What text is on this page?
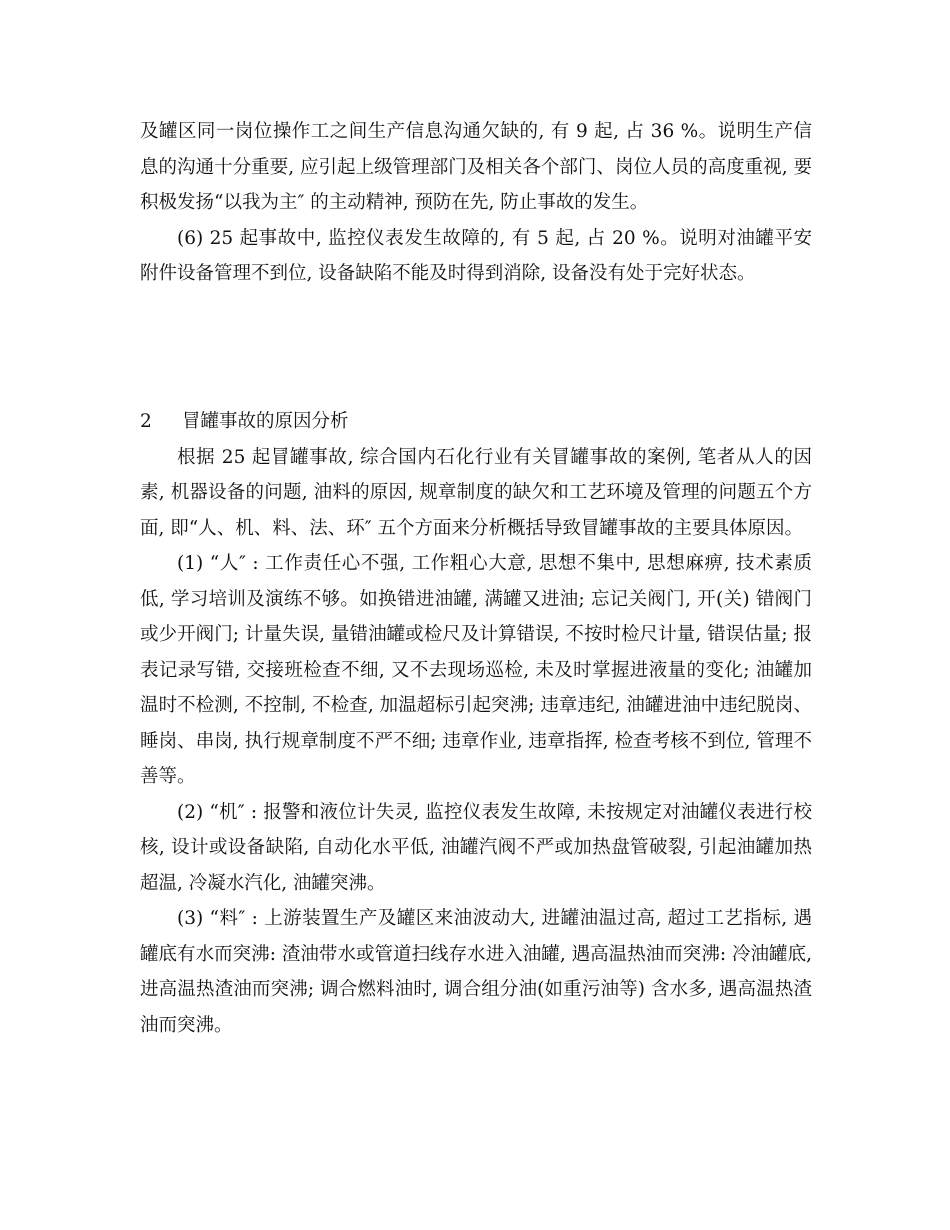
及罐区同一岗位操作工之间生产信息沟通欠缺的, 有 9 起, 占 36 %。说明生产信息的沟通十分重要, 应引起上级管理部门及相关各个部门、岗位人员的高度重视, 要积极发扬“以我为主″ 的主动精神, 预防在先, 防止事故的发生。

(6) 25 起事故中, 监控仪表发生故障的, 有 5 起, 占 20 %。说明对油罐平安附件设备管理不到位, 设备缺陷不能及时得到消除, 设备没有处于完好状态。

2 冒罐事故的原因分析

根据 25 起冒罐事故, 综合国内石化行业有关冒罐事故的案例, 笔者从人的因素, 机器设备的问题, 油料的原因, 规章制度的缺欠和工艺环境及管理的问题五个方面, 即“人、机、料、法、环″ 五个方面来分析概括导致冒罐事故的主要具体原因。

(1) “人″ : 工作责任心不强, 工作粗心大意, 思想不集中, 思想麻痹, 技术素质低, 学习培训及演练不够。如换错进油罐, 满罐又进油; 忘记关阀门, 开(关) 错阀门或少开阀门; 计量失误, 量错油罐或检尺及计算错误, 不按时检尺计量, 错误估量; 报表记录写错, 交接班检查不细, 又不去现场巡检, 未及时掌握进液量的变化; 油罐加温时不检测, 不控制, 不检查, 加温超标引起突沸; 违章违纪, 油罐进油中违纪脱岗、睡岗、串岗, 执行规章制度不严不细; 违章作业, 违章指挥, 检查考核不到位, 管理不善等。

(2) “机″ : 报警和液位计失灵, 监控仪表发生故障, 未按规定对油罐仪表进行校核, 设计或设备缺陷, 自动化水平低, 油罐汽阀不严或加热盘管破裂, 引起油罐加热超温, 冷凝水汽化, 油罐突沸。

(3) “料″ : 上游装置生产及罐区来油波动大, 进罐油温过高, 超过工艺指标, 遇罐底有水而突沸: 渣油带水或管道扫线存水进入油罐, 遇高温热油而突沸: 冷油罐底, 进高温热渣油而突沸; 调合燃料油时, 调合组分油(如重污油等) 含水多, 遇高温热渣油而突沸。
